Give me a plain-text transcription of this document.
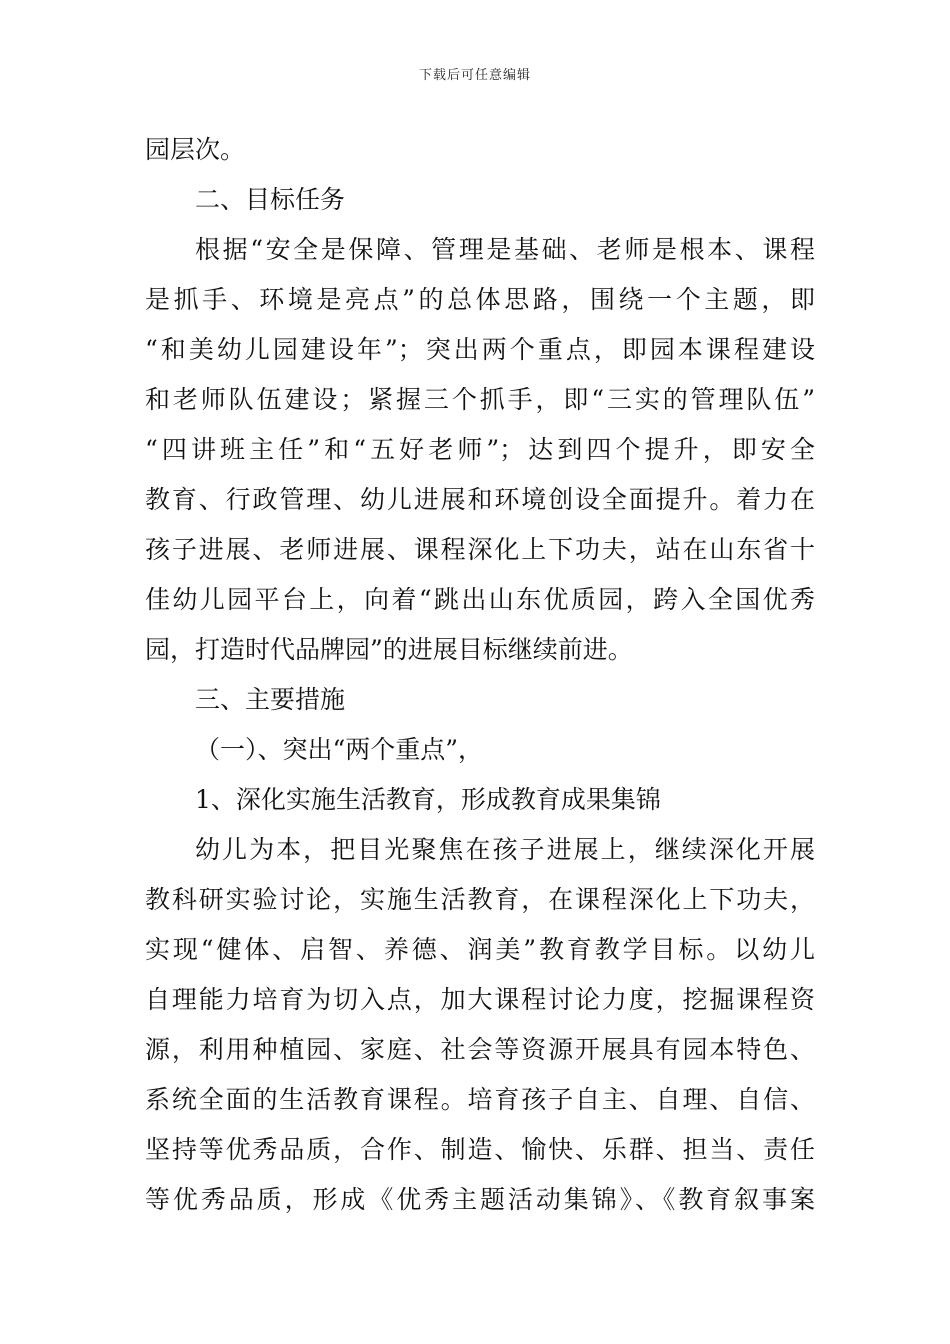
下载后可任意编辑
园层次。
二、目标任务
根据“安全是保障、管理是基础、老师是根本、课程
是抓手、环境是亮点”的总体思路，围绕一个主题，即
“和美幼儿园建设年”；突出两个重点，即园本课程建设
和老师队伍建设；紧握三个抓手，即“三实的管理队伍”
“四讲班主任”和“五好老师”；达到四个提升，即安全
教育、行政管理、幼儿进展和环境创设全面提升。着力在
孩子进展、老师进展、课程深化上下功夫，站在山东省十
佳幼儿园平台上，向着“跳出山东优质园，跨入全国优秀
园，打造时代品牌园”的进展目标继续前进。
三、主要措施
（一）、突出“两个重点”，
1、深化实施生活教育，形成教育成果集锦
幼儿为本，把目光聚焦在孩子进展上，继续深化开展
教科研实验讨论，实施生活教育，在课程深化上下功夫，
实现“健体、启智、养德、润美”教育教学目标。以幼儿
自理能力培育为切入点，加大课程讨论力度，挖掘课程资
源，利用种植园、家庭、社会等资源开展具有园本特色、
系统全面的生活教育课程。培育孩子自主、自理、自信、
坚持等优秀品质，合作、制造、愉快、乐群、担当、责任
等优秀品质，形成《优秀主题活动集锦》、《教育叙事案
